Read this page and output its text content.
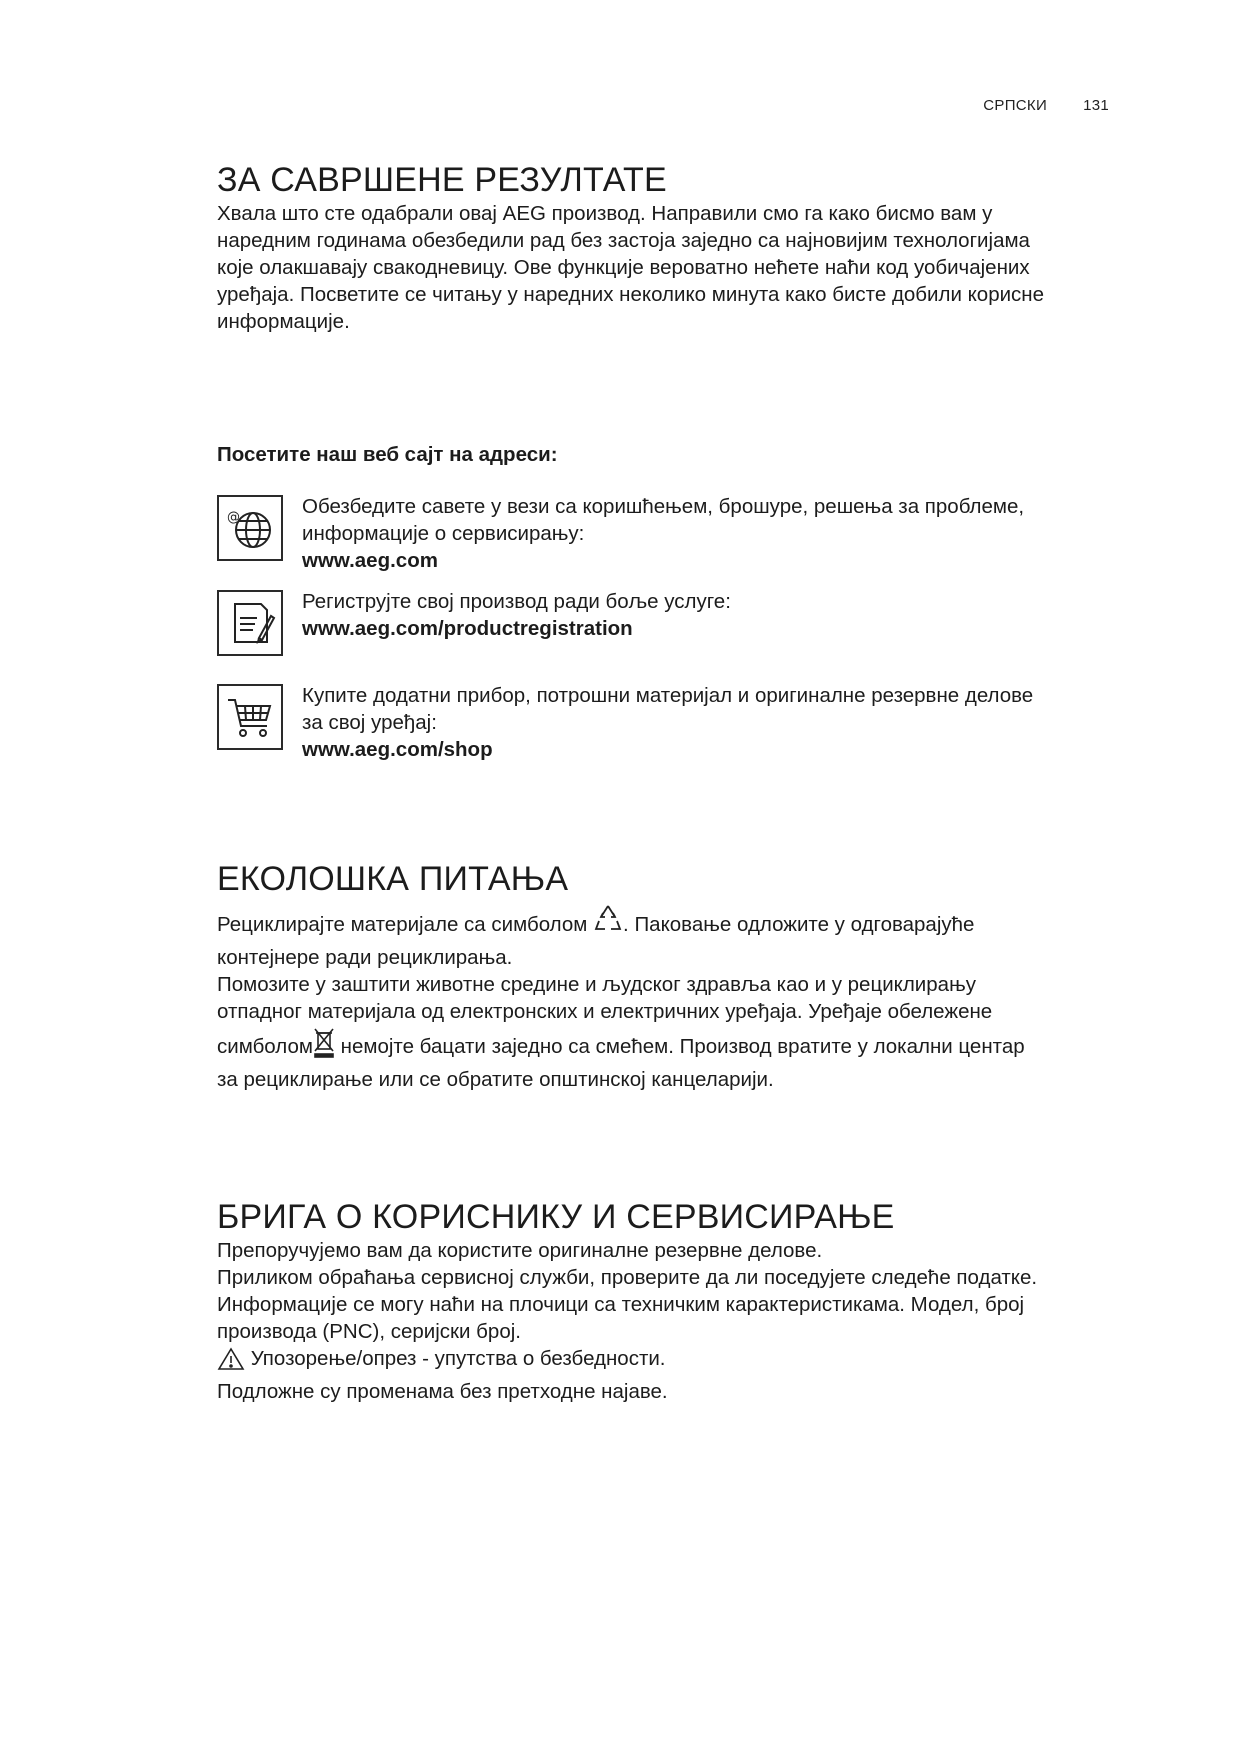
СРПСКИ 131
ЗА САВРШЕНЕ РЕЗУЛТАТЕ

Хвала што сте одабрали овај AEG производ. Направили смо га како бисмо вам у
наредним годинама обезбедили рад без застоја заједно са најновијим технологијама
које олакшавају свакодневицу. Ове функције вероватно нећете наћи код уобичајених
уређаја. Посветите се читању у наредних неколико минута како бисте добили корисне
информације.

Посетите наш веб сајт на адреси:

@	Обезбедите савете у вези са коришћењем, брошуре, решења за проблеме,
информације о сервисирању:
www.aeg.com
Региструјте свој производ ради боље услуге:
www.aeg.com/productregistration
Купите додатни прибор, потрошни материјал и оригиналне резервне делове
за свој уређај:
www.aeg.com/shop
ЕКОЛОШКА ПИТАЊА

Рециклирајте материјале са симболом . Паковање одложите у одговарајуће
контејнере ради рециклирања.
Помозите у заштити животне средине и људског здравља као и у рециклирању
отпадног материјала од електронских и електричних уређаја. Уређаје обележене
симболом немојте бацати заједно са смећем. Производ вратите у локални центар
за рециклирање или се обратите општинској канцеларији.

БРИГА О КОРИСНИКУ И СЕРВИСИРАЊЕ

Препоручујемо вам да користите оригиналне резервне делове.
Приликом обраћања сервисној служби, проверите да ли поседујете следеће податке.
Информације се могу наћи на плочици са техничким карактеристикама. Модел, број
производа (PNC), серијски број.
Упозорење/опрез - упутства о безбедности.
Подложне су променама без претходне најаве.
